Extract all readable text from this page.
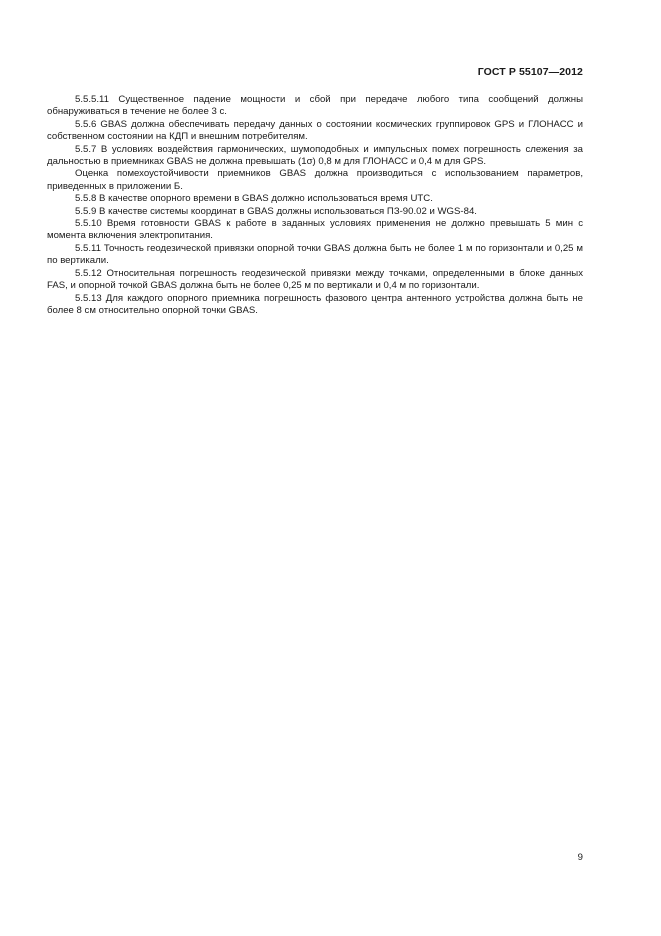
ГОСТ Р 55107—2012

5.5.5.11 Существенное падение мощности и сбой при передаче любого типа сообщений должны обнаруживаться в течение не более 3 с.

5.5.6 GBAS должна обеспечивать передачу данных о состоянии космических группировок GPS и ГЛОНАСС и собственном состоянии на КДП и внешним потребителям.

5.5.7 В условиях воздействия гармонических, шумоподобных и импульсных помех погрешность слежения за дальностью в приемниках GBAS не должна превышать (1σ) 0,8 м для ГЛОНАСС и 0,4 м для GPS.

Оценка помехоустойчивости приемников GBAS должна производиться с использованием параметров, приведенных в приложении Б.

5.5.8 В качестве опорного времени в GBAS должно использоваться время UTC.

5.5.9 В качестве системы координат в GBAS должны использоваться ПЗ-90.02 и WGS-84.

5.5.10 Время готовности GBAS к работе в заданных условиях применения не должно превышать 5 мин с момента включения электропитания.

5.5.11 Точность геодезической привязки опорной точки GBAS должна быть не более 1 м по горизонтали и 0,25 м по вертикали.

5.5.12 Относительная погрешность геодезической привязки между точками, определенными в блоке данных FAS, и опорной точкой GBAS должна быть не более 0,25 м по вертикали и 0,4 м по горизонтали.

5.5.13 Для каждого опорного приемника погрешность фазового центра антенного устройства должна быть не более 8 см относительно опорной точки GBAS.

9
